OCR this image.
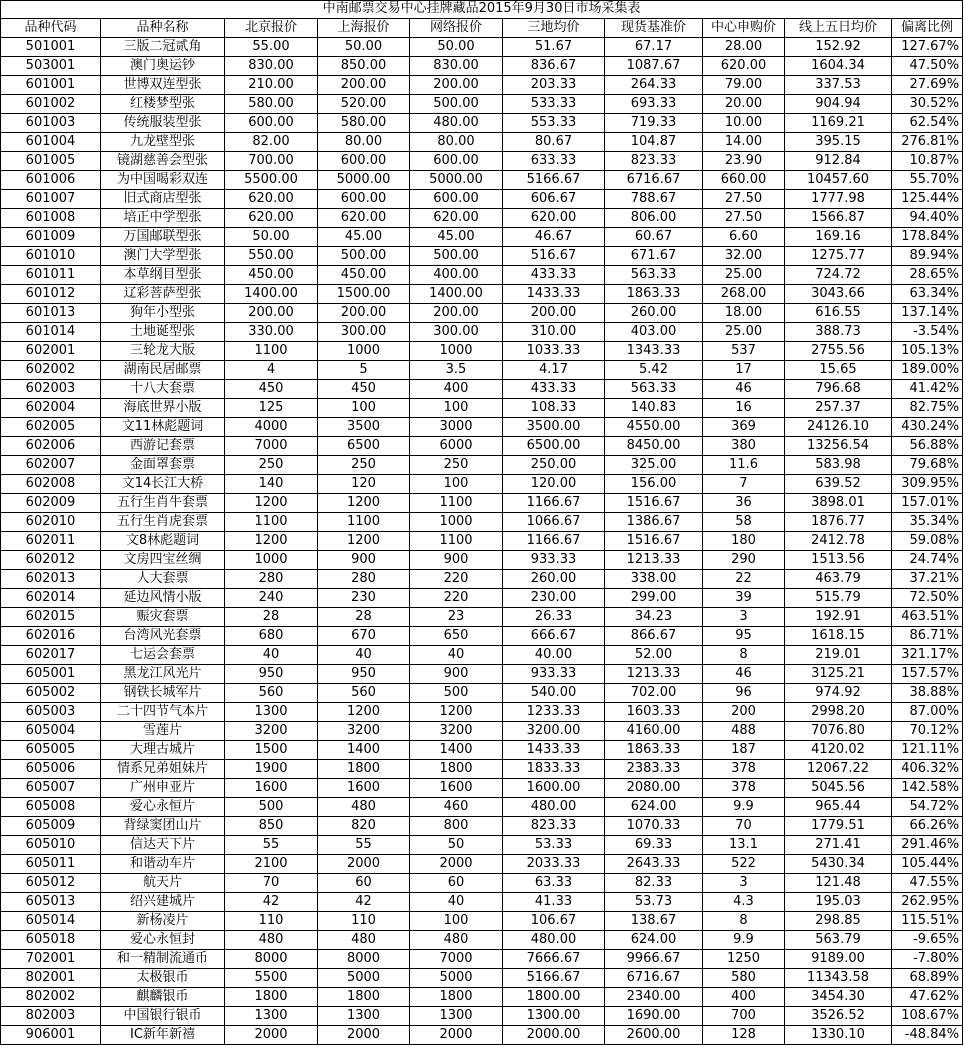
中南邮票交易中心挂牌藏品2015年9月30日市场采集表									
品种代码	品种名称	北京报价	上海报价	网络报价	三地均价	现货基准价	中心申购价	线上五日均价	偏离比例
501001	三版二冠贰角	55.00	50.00	50.00	51.67	67.17	28.00	152.92	127.67%
503001	澳门奥运钞	830.00	850.00	830.00	836.67	1087.67	620.00	1604.34	47.50%
601001	世博双连型张	210.00	200.00	200.00	203.33	264.33	79.00	337.53	27.69%
601002	红楼梦型张	580.00	520.00	500.00	533.33	693.33	20.00	904.94	30.52%
601003	传统服装型张	600.00	580.00	480.00	553.33	719.33	10.00	1169.21	62.54%
601004	九龙壁型张	82.00	80.00	80.00	80.67	104.87	14.00	395.15	276.81%
601005	镜湖慈善会型张	700.00	600.00	600.00	633.33	823.33	23.90	912.84	10.87%
601006	为中国喝彩双连	5500.00	5000.00	5000.00	5166.67	6716.67	660.00	10457.60	55.70%
601007	旧式商店型张	620.00	600.00	600.00	606.67	788.67	27.50	1777.98	125.44%
601008	培正中学型张	620.00	620.00	620.00	620.00	806.00	27.50	1566.87	94.40%
601009	万国邮联型张	50.00	45.00	45.00	46.67	60.67	6.60	169.16	178.84%
601010	澳门大学型张	550.00	500.00	500.00	516.67	671.67	32.00	1275.77	89.94%
601011	本草纲目型张	450.00	450.00	400.00	433.33	563.33	25.00	724.72	28.65%
601012	辽彩菩萨型张	1400.00	1500.00	1400.00	1433.33	1863.33	268.00	3043.66	63.34%
601013	狗年小型张	200.00	200.00	200.00	200.00	260.00	18.00	616.55	137.14%
601014	土地诞型张	330.00	300.00	300.00	310.00	403.00	25.00	388.73	-3.54%
602001	三轮龙大版	1100	1000	1000	1033.33	1343.33	537	2755.56	105.13%
602002	湖南民居邮票	4	5	3.5	4.17	5.42	17	15.65	189.00%
602003	十八大套票	450	450	400	433.33	563.33	46	796.68	41.42%
602004	海底世界小版	125	100	100	108.33	140.83	16	257.37	82.75%
602005	文11林彪题词	4000	3500	3000	3500.00	4550.00	369	24126.10	430.24%
602006	西游记套票	7000	6500	6000	6500.00	8450.00	380	13256.54	56.88%
602007	金面罩套票	250	250	250	250.00	325.00	11.6	583.98	79.68%
602008	文14长江大桥	140	120	100	120.00	156.00	7	639.52	309.95%
602009	五行生肖牛套票	1200	1200	1100	1166.67	1516.67	36	3898.01	157.01%
602010	五行生肖虎套票	1100	1100	1000	1066.67	1386.67	58	1876.77	35.34%
602011	文8林彪题词	1200	1200	1100	1166.67	1516.67	180	2412.78	59.08%
602012	文房四宝丝绸	1000	900	900	933.33	1213.33	290	1513.56	24.74%
602013	人大套票	280	280	220	260.00	338.00	22	463.79	37.21%
602014	延边风情小版	240	230	220	230.00	299.00	39	515.79	72.50%
602015	赈灾套票	28	28	23	26.33	34.23	3	192.91	463.51%
602016	台湾风光套票	680	670	650	666.67	866.67	95	1618.15	86.71%
602017	七运会套票	40	40	40	40.00	52.00	8	219.01	321.17%
605001	黑龙江风光片	950	950	900	933.33	1213.33	46	3125.21	157.57%
605002	钢铁长城军片	560	560	500	540.00	702.00	96	974.92	38.88%
605003	二十四节气本片	1300	1200	1200	1233.33	1603.33	200	2998.20	87.00%
605004	雪莲片	3200	3200	3200	3200.00	4160.00	488	7076.80	70.12%
605005	大理古城片	1500	1400	1400	1433.33	1863.33	187	4120.02	121.11%
605006	情系兄弟姐妹片	1900	1800	1800	1833.33	2383.33	378	12067.22	406.32%
605007	广州申亚片	1600	1600	1600	1600.00	2080.00	378	5045.56	142.58%
605008	爱心永恒片	500	480	460	480.00	624.00	9.9	965.44	54.72%
605009	背绿窦团山片	850	820	800	823.33	1070.33	70	1779.51	66.26%
605010	信达天下片	55	55	50	53.33	69.33	13.1	271.41	291.46%
605011	和谐动车片	2100	2000	2000	2033.33	2643.33	522	5430.34	105.44%
605012	航天片	70	60	60	63.33	82.33	3	121.48	47.55%
605013	绍兴建城片	42	42	40	41.33	53.73	4.3	195.03	262.95%
605014	新杨凌片	110	110	100	106.67	138.67	8	298.85	115.51%
605018	爱心永恒封	480	480	480	480.00	624.00	9.9	563.79	-9.65%
702001	和一精制流通币	8000	8000	7000	7666.67	9966.67	1250	9189.00	-7.80%
802001	太极银币	5500	5000	5000	5166.67	6716.67	580	11343.58	68.89%
802002	麒麟银币	1800	1800	1800	1800.00	2340.00	400	3454.30	47.62%
802003	中国银行银币	1300	1300	1300	1300.00	1690.00	700	3526.52	108.67%
906001	IC新年新禧	2000	2000	2000	2000.00	2600.00	128	1330.10	-48.84%
